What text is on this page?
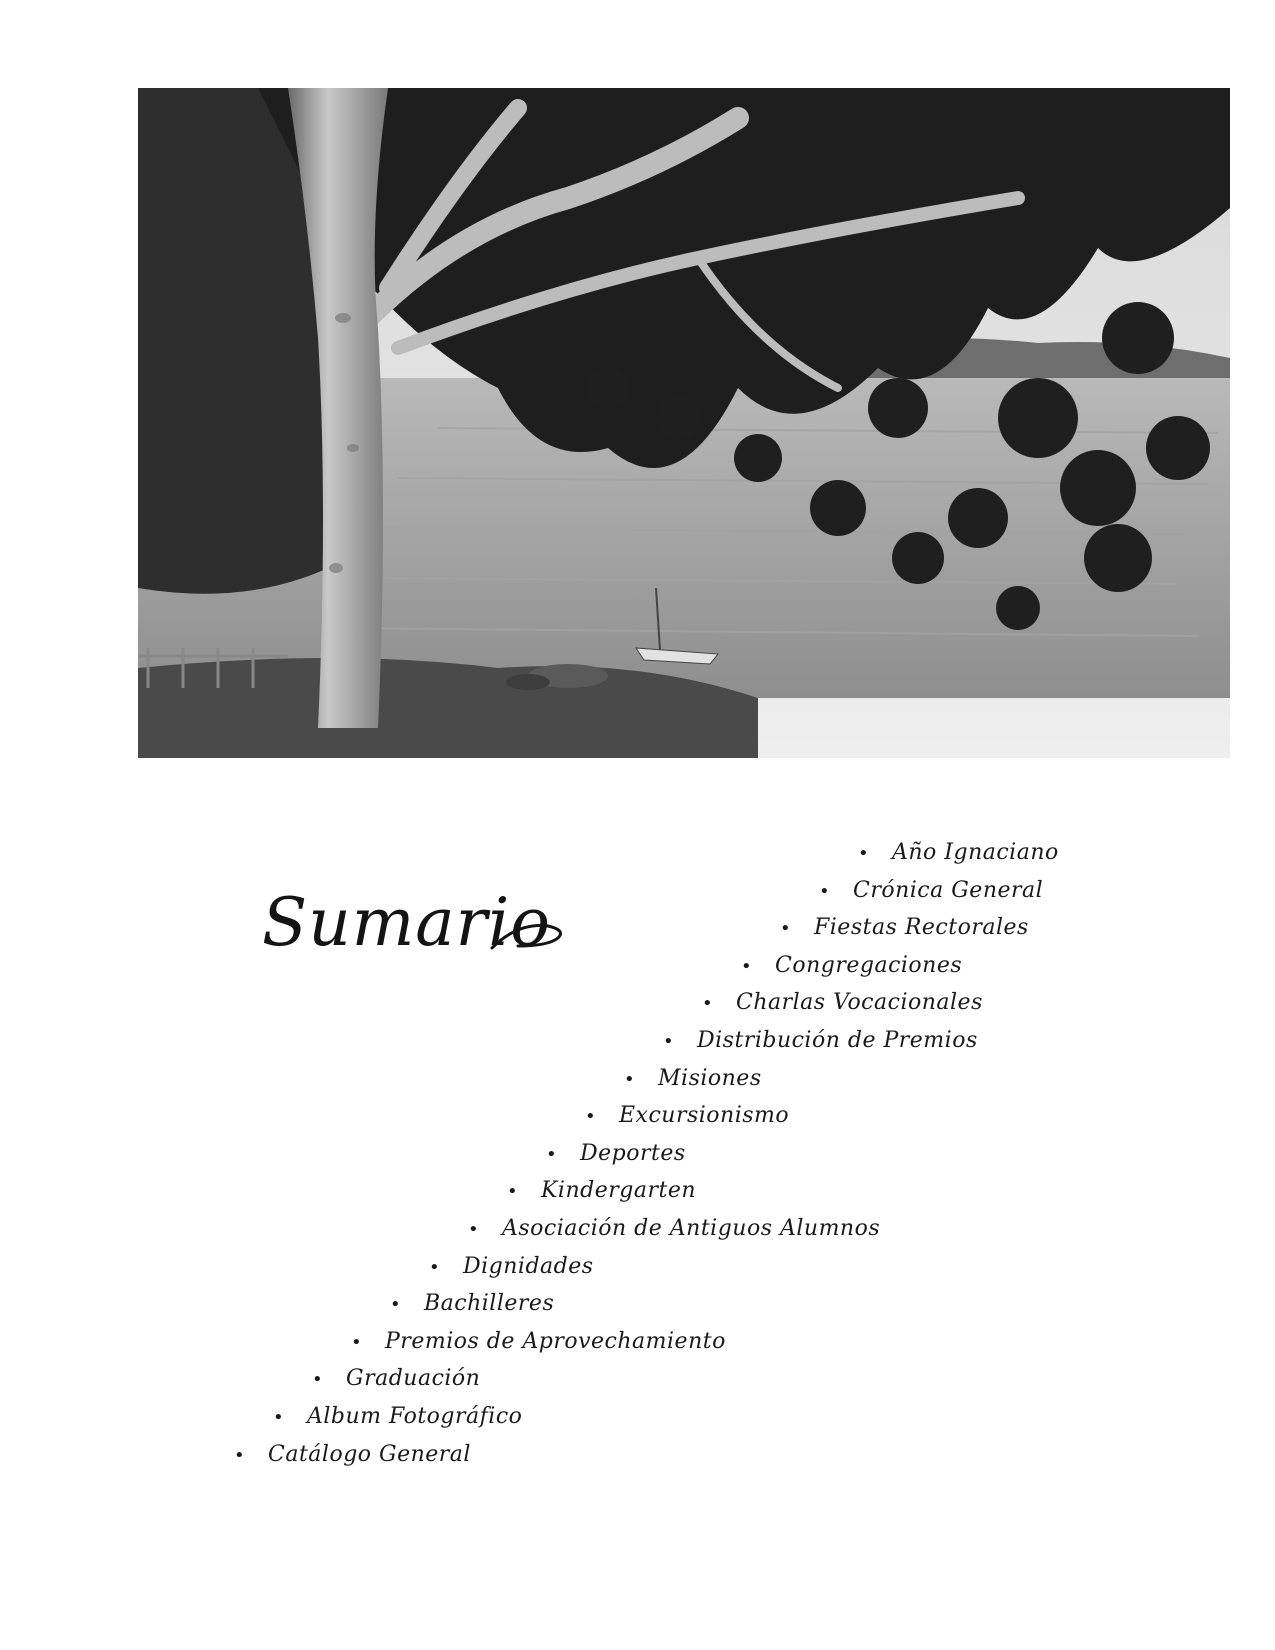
Sumario
• Año Ignaciano
• Crónica General
• Fiestas Rectorales
• Congregaciones
• Charlas Vocacionales
• Distribución de Premios
• Misiones
• Excursionismo
• Deportes
• Kindergarten
• Asociación de Antiguos Alumnos
• Dignidades
• Bachilleres
• Premios de Aprovechamiento
• Graduación
• Album Fotográfico
• Catálogo General
